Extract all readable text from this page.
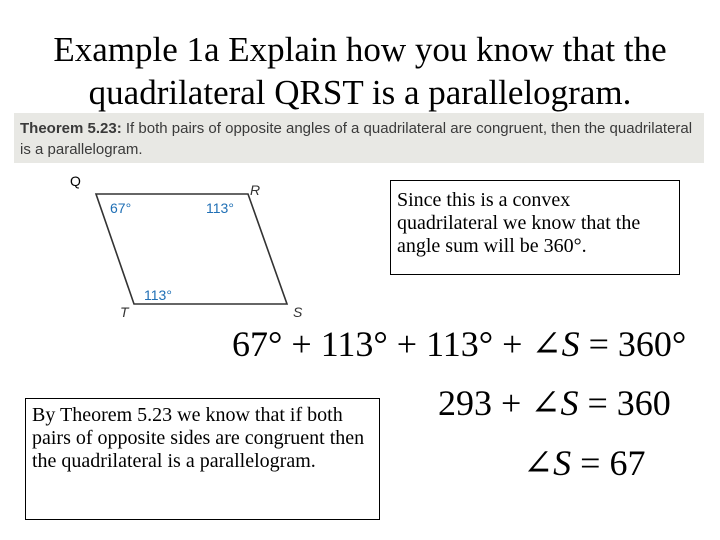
Example 1a Explain how you know that the
quadrilateral QRST is a parallelogram.
Theorem 5.23: If both pairs of opposite angles of a quadrilateral are congruent, then the quadrilateral is a parallelogram.
Q
R
S
T
67°	113°
113°
Since this is a convex quadrilateral we know that the angle sum will be 360°.
67° + 113° + 113° + ∠S = 360°
293 + ∠S = 360
∠S = 67
By Theorem 5.23 we know that if both pairs of opposite sides are congruent then the quadrilateral is a parallelogram.
